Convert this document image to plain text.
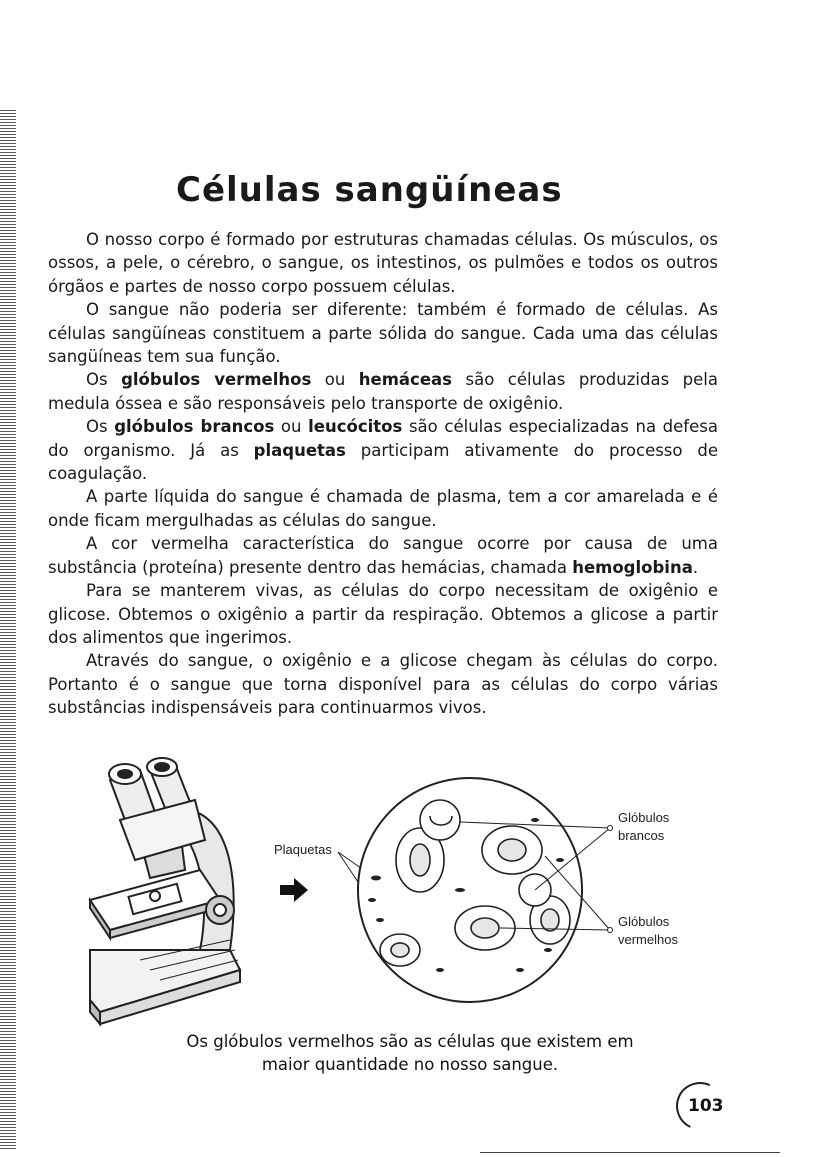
Células sangüíneas

O nosso corpo é formado por estruturas chamadas células. Os músculos, os ossos, a pele, o cérebro, o sangue, os intestinos, os pulmões e todos os outros órgãos e partes de nosso corpo possuem células.

O sangue não poderia ser diferente: também é formado de células. As células sangüíneas constituem a parte sólida do sangue. Cada uma das células sangüíneas tem sua função.

Os glóbulos vermelhos ou hemáceas são células produzidas pela medula óssea e são responsáveis pelo transporte de oxigênio.

Os glóbulos brancos ou leucócitos são células especializadas na defesa do organismo. Já as plaquetas participam ativamente do processo de coagulação.

A parte líquida do sangue é chamada de plasma, tem a cor amarelada e é onde ficam mergulhadas as células do sangue.

A cor vermelha característica do sangue ocorre por causa de uma substância (proteína) presente dentro das hemácias, chamada hemoglobina.

Para se manterem vivas, as células do corpo necessitam de oxigênio e glicose. Obtemos o oxigênio a partir da respiração. Obtemos a glicose a partir dos alimentos que ingerimos.

Através do sangue, o oxigênio e a glicose chegam às células do corpo. Portanto é o sangue que torna disponível para as células do corpo várias substâncias indispensáveis para continuarmos vivos.

Plaquetas
Glóbulos
brancos
Glóbulos
vermelhos
Os glóbulos vermelhos são as células que existem em
maior quantidade no nosso sangue.
103
